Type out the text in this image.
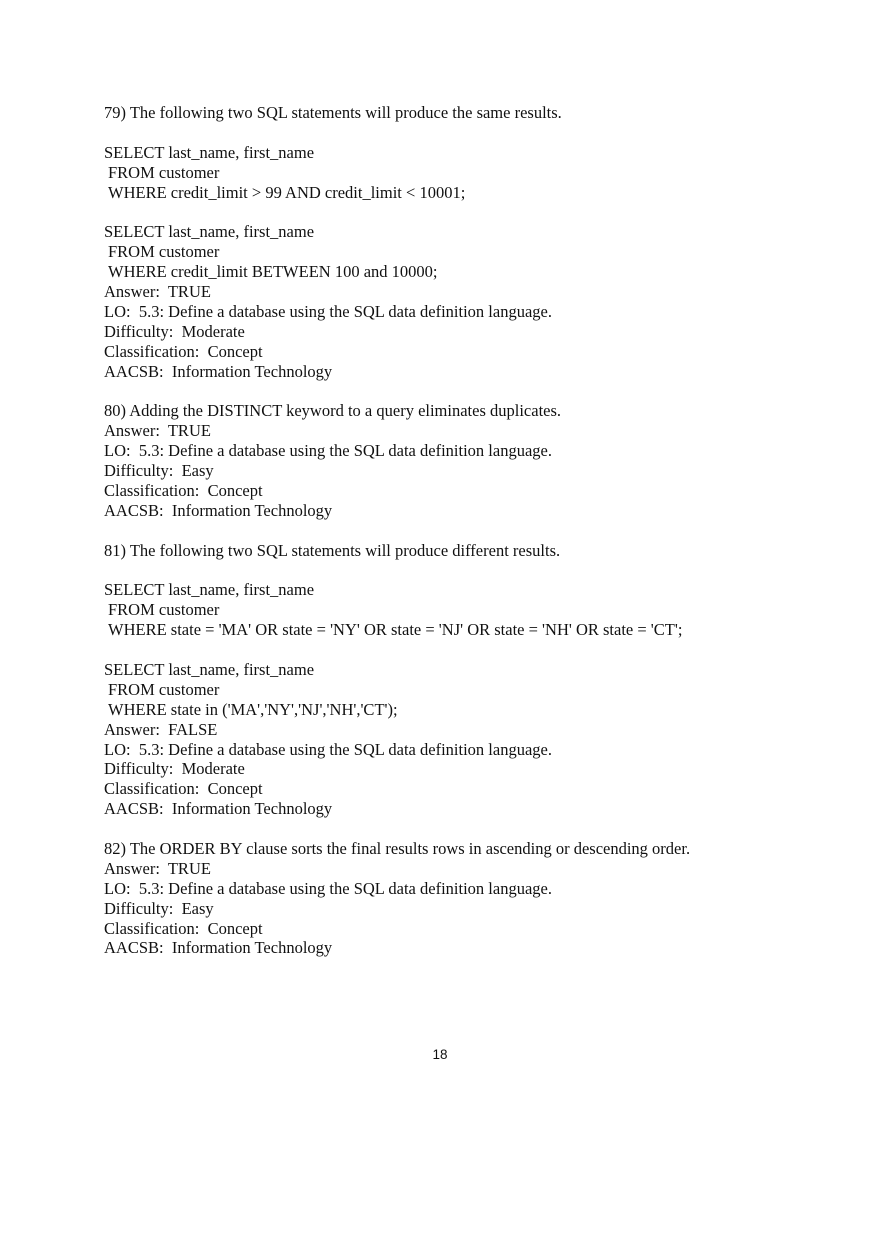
79) The following two SQL statements will produce the same results.
SELECT last_name, first_name
FROM customer
WHERE credit_limit > 99 AND credit_limit < 10001;
SELECT last_name, first_name
FROM customer
WHERE credit_limit BETWEEN 100 and 10000;
Answer:  TRUE
LO:  5.3: Define a database using the SQL data definition language.
Difficulty:  Moderate
Classification:  Concept
AACSB:  Information Technology
80) Adding the DISTINCT keyword to a query eliminates duplicates.
Answer:  TRUE
LO:  5.3: Define a database using the SQL data definition language.
Difficulty:  Easy
Classification:  Concept
AACSB:  Information Technology
81) The following two SQL statements will produce different results.
SELECT last_name, first_name
FROM customer
WHERE state = 'MA' OR state = 'NY' OR state = 'NJ' OR state = 'NH' OR state = 'CT';
SELECT last_name, first_name
FROM customer
WHERE state in ('MA','NY','NJ','NH','CT');
Answer:  FALSE
LO:  5.3: Define a database using the SQL data definition language.
Difficulty:  Moderate
Classification:  Concept
AACSB:  Information Technology
82) The ORDER BY clause sorts the final results rows in ascending or descending order.
Answer:  TRUE
LO:  5.3: Define a database using the SQL data definition language.
Difficulty:  Easy
Classification:  Concept
AACSB:  Information Technology
18
